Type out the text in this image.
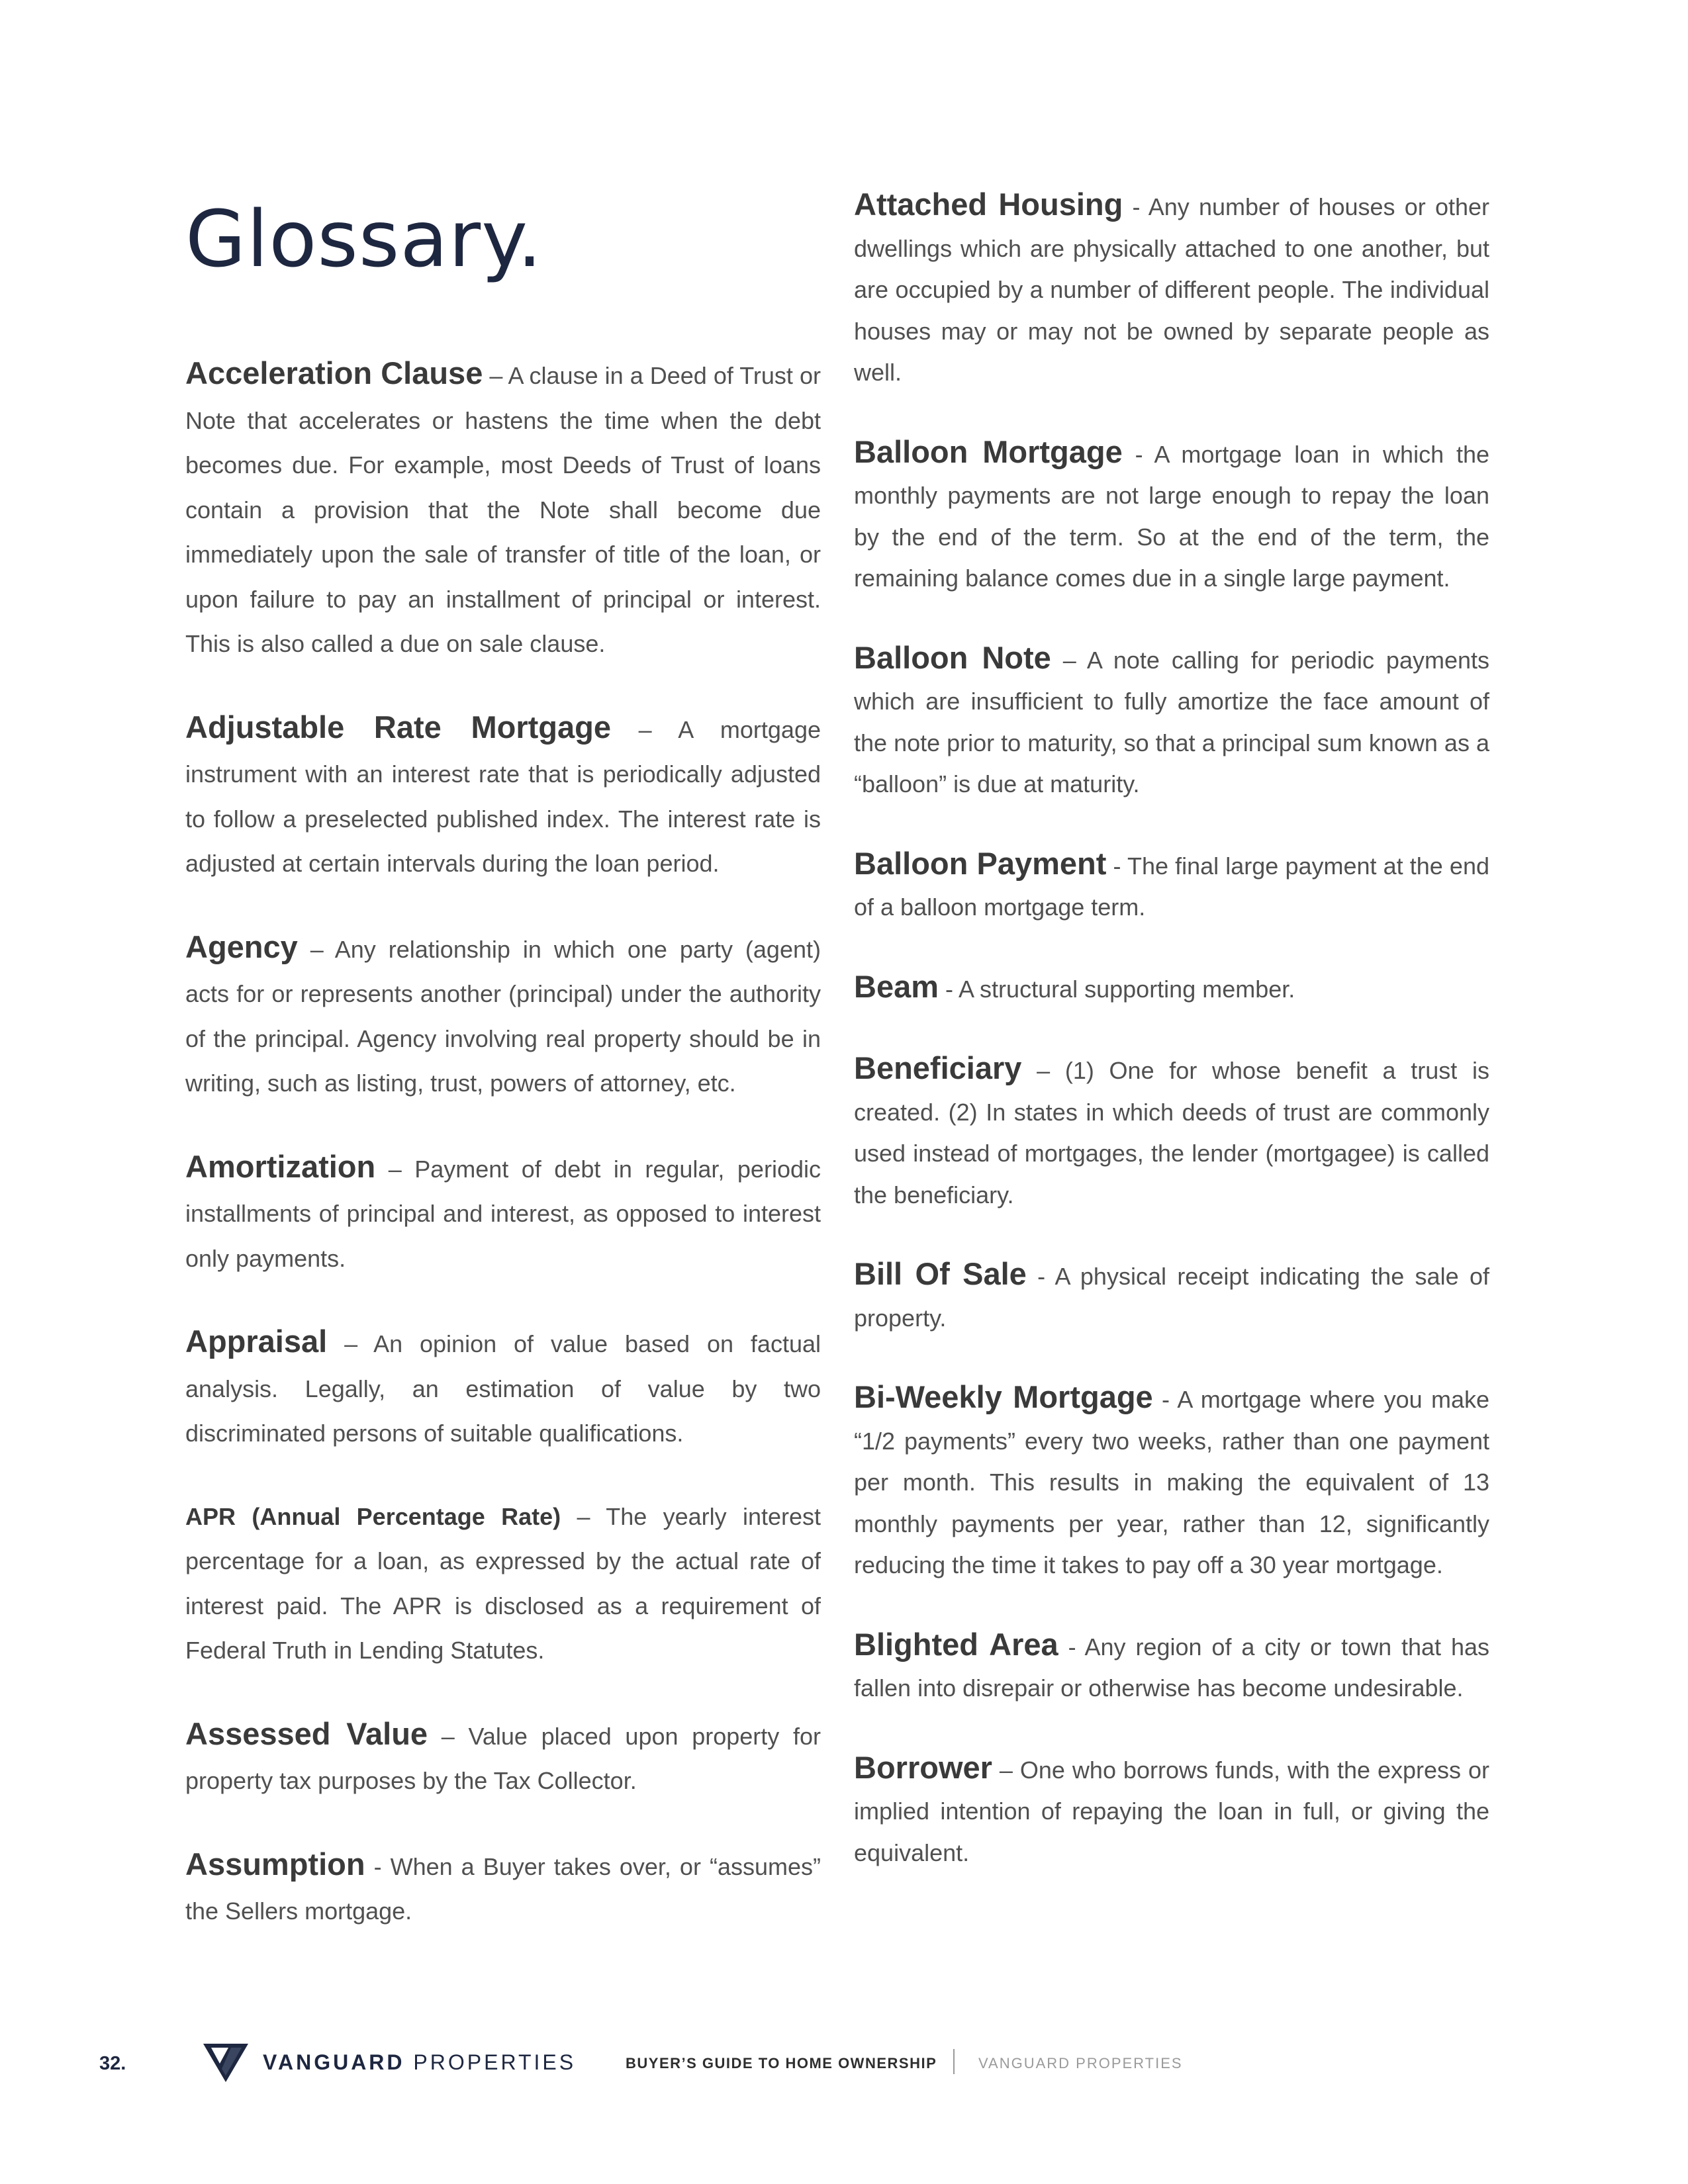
Glossary.

Acceleration Clause – A clause in a Deed of Trust or Note that accelerates or hastens the time when the debt becomes due. For example, most Deeds of Trust of loans contain a provision that the Note shall become due immediately upon the sale of transfer of title of the loan, or upon failure to pay an installment of principal or interest. This is also called a due on sale clause.

Adjustable Rate Mortgage – A mortgage instrument with an interest rate that is periodically adjusted to follow a preselected published index. The interest rate is adjusted at certain intervals during the loan period.

Agency – Any relationship in which one party (agent) acts for or represents another (principal) under the authority of the principal. Agency involving real property should be in writing, such as listing, trust, powers of attorney, etc.

Amortization – Payment of debt in regular, periodic installments of principal and interest, as opposed to interest only payments.

Appraisal – An opinion of value based on factual analysis. Legally, an estimation of value by two discriminated persons of suitable qualifications.

APR (Annual Percentage Rate) – The yearly interest percentage for a loan, as expressed by the actual rate of interest paid. The APR is disclosed as a requirement of Federal Truth in Lending Statutes.

Assessed Value – Value placed upon property for property tax purposes by the Tax Collector.

Assumption - When a Buyer takes over, or “assumes” the Sellers mortgage.

Attached Housing - Any number of houses or other dwellings which are physically attached to one another, but are occupied by a number of different people. The individual houses may or may not be owned by separate people as well.

Balloon Mortgage - A mortgage loan in which the monthly payments are not large enough to repay the loan by the end of the term. So at the end of the term, the remaining balance comes due in a single large payment.

Balloon Note – A note calling for periodic payments which are insufficient to fully amortize the face amount of the note prior to maturity, so that a principal sum known as a “balloon” is due at maturity.

Balloon Payment - The final large payment at the end of a balloon mortgage term.

Beam - A structural supporting member.

Beneficiary – (1) One for whose benefit a trust is created. (2) In states in which deeds of trust are commonly used instead of mortgages, the lender (mortgagee) is called the beneficiary.

Bill Of Sale - A physical receipt indicating the sale of property.

Bi-Weekly Mortgage - A mortgage where you make “1/2 payments” every two weeks, rather than one payment per month. This results in making the equivalent of 13 monthly payments per year, rather than 12, significantly reducing the time it takes to pay off a 30 year mortgage.

Blighted Area - Any region of a city or town that has fallen into disrepair or otherwise has become undesirable.

Borrower – One who borrows funds, with the express or implied intention of repaying the loan in full, or giving the equivalent.

32.	VANGUARD PROPERTIES	BUYER’S GUIDE TO HOME OWNERSHIP	VANGUARD PROPERTIES
